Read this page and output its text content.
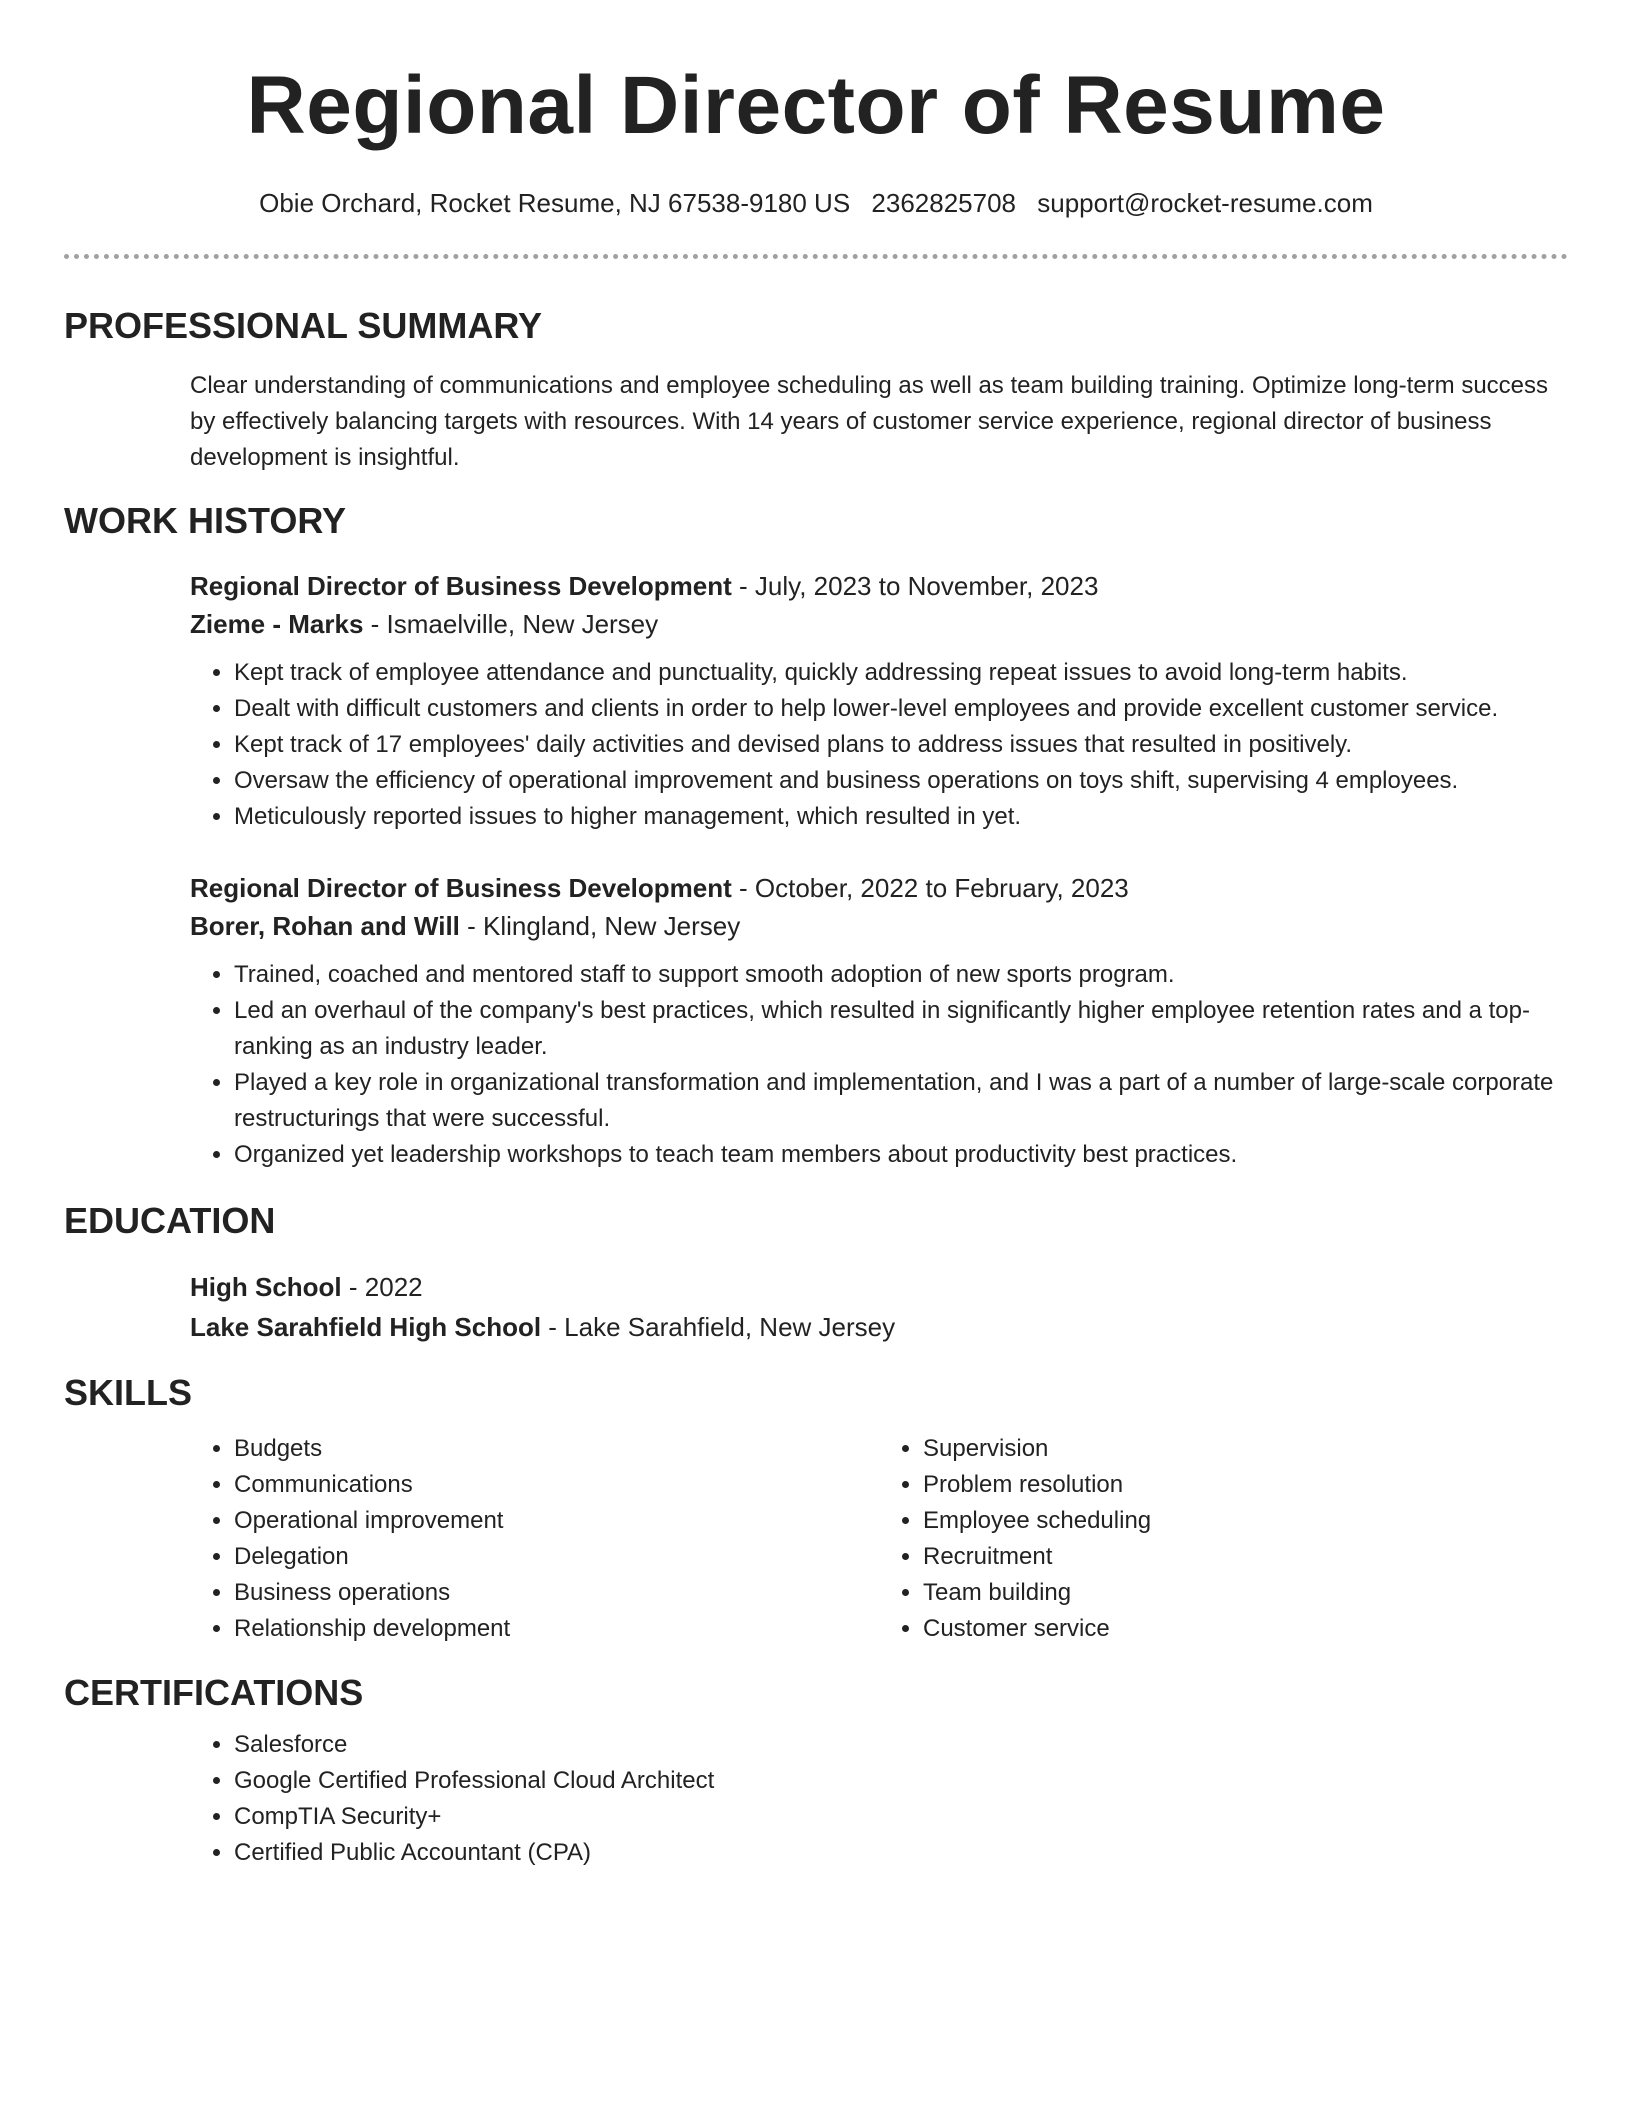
Regional Director of Resume
Obie Orchard, Rocket Resume, NJ 67538-9180 US 2362825708 support@rocket-resume.com
PROFESSIONAL SUMMARY

Clear understanding of communications and employee scheduling as well as team building training. Optimize long-term success by effectively balancing targets with resources. With 14 years of customer service experience, regional director of business development is insightful.

WORK HISTORY

Regional Director of Business Development - July, 2023 to November, 2023

Zieme - Marks - Ismaelville, New Jersey

• Kept track of employee attendance and punctuality, quickly addressing repeat issues to avoid long-term habits.
• Dealt with difficult customers and clients in order to help lower-level employees and provide excellent customer service.
• Kept track of 17 employees' daily activities and devised plans to address issues that resulted in positively.
• Oversaw the efficiency of operational improvement and business operations on toys shift, supervising 4 employees.
• Meticulously reported issues to higher management, which resulted in yet.

Regional Director of Business Development - October, 2022 to February, 2023

Borer, Rohan and Will - Klingland, New Jersey

• Trained, coached and mentored staff to support smooth adoption of new sports program.
• Led an overhaul of the company's best practices, which resulted in significantly higher employee retention rates and a top-ranking as an industry leader.
• Played a key role in organizational transformation and implementation, and I was a part of a number of large-scale corporate restructurings that were successful.
• Organized yet leadership workshops to teach team members about productivity best practices.
EDUCATION

High School - 2022

Lake Sarahfield High School - Lake Sarahfield, New Jersey

SKILLS
• Budgets
• Communications
• Operational improvement
• Delegation
• Business operations
• Relationship development
• Supervision
• Problem resolution
• Employee scheduling
• Recruitment
• Team building
• Customer service
CERTIFICATIONS
• Salesforce
• Google Certified Professional Cloud Architect
• CompTIA Security+
• Certified Public Accountant (CPA)
